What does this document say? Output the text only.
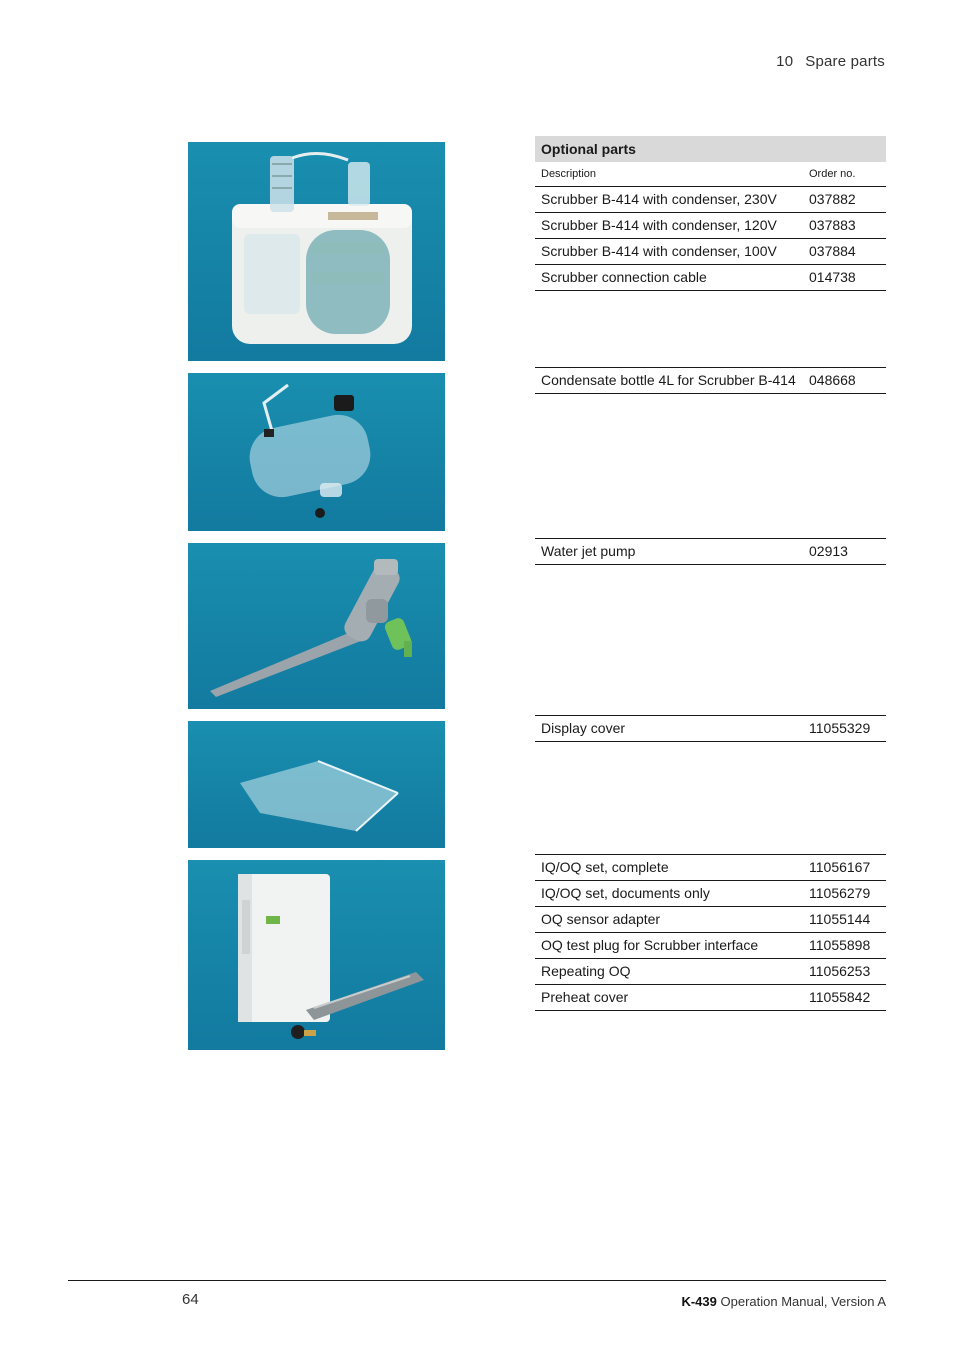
10 Spare parts
Optional parts
Description	Order no.
Scrubber B-414 with condenser, 230V 037882
Scrubber B-414 with condenser, 120V 037883
Scrubber B-414 with condenser, 100V 037884
Scrubber connection cable	014738
Condensate bottle 4L for Scrubber B-414 048668
Water jet pump	02913
Display cover	11055329
IQ/OQ set, complete	11056167
IQ/OQ set, documents only	11056279
OQ sensor adapter	11055144
OQ test plug for Scrubber interface	11055898
Repeating OQ	11056253
Preheat cover	11055842
64	K-439 Operation Manual, Version A
